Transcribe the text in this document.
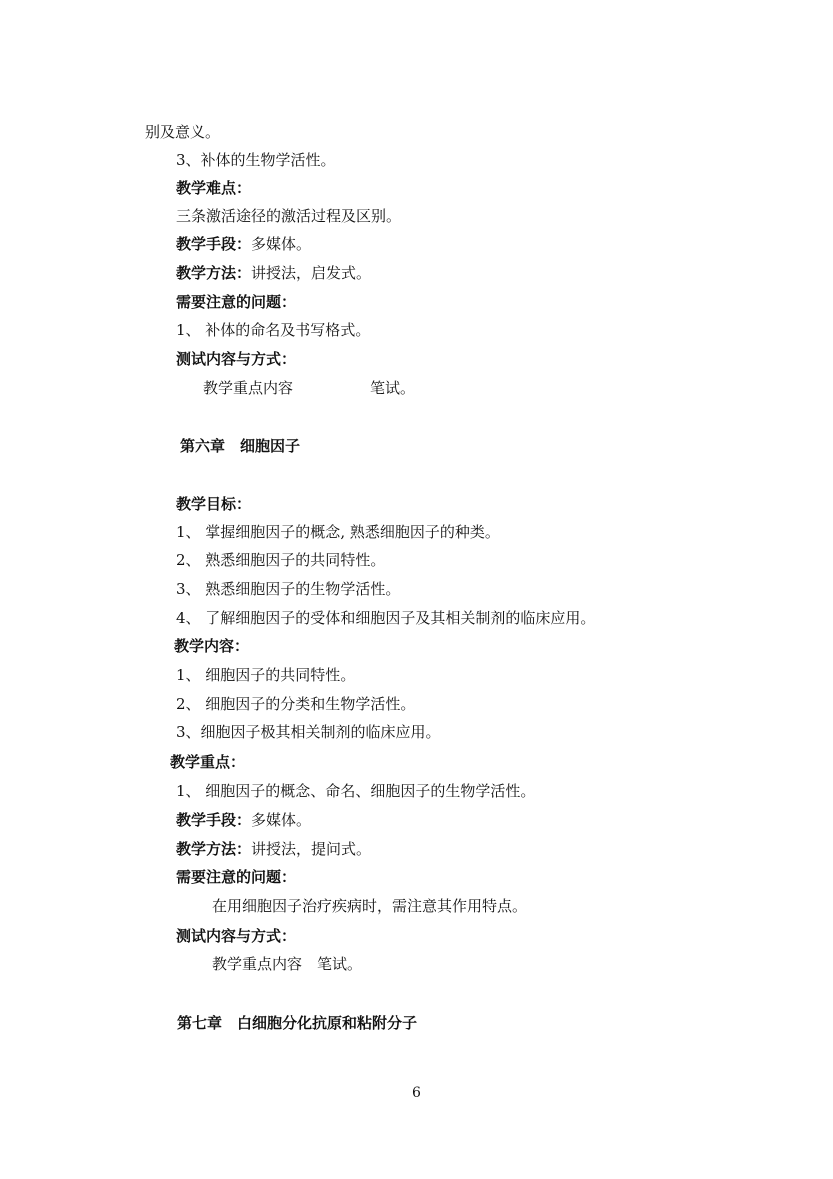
别及意义。
3、补体的生物学活性。
教学难点：
三条激活途径的激活过程及区别。
教学手段：多媒体。
教学方法：讲授法，启发式。
需要注意的问题：
1、 补体的命名及书写格式。
测试内容与方式：
教学重点内容	笔试。
第六章　细胞因子
教学目标：
1、 掌握细胞因子的概念, 熟悉细胞因子的种类。
2、 熟悉细胞因子的共同特性。
3、 熟悉细胞因子的生物学活性。
4、 了解细胞因子的受体和细胞因子及其相关制剂的临床应用。
教学内容：
1、 细胞因子的共同特性。
2、 细胞因子的分类和生物学活性。
3、细胞因子极其相关制剂的临床应用。
教学重点：
1、 细胞因子的概念、命名、细胞因子的生物学活性。
教学手段：多媒体。
教学方法：讲授法，提问式。
需要注意的问题：
在用细胞因子治疗疾病时，需注意其作用特点。
测试内容与方式：
教学重点内容　笔试。
第七章　白细胞分化抗原和粘附分子
6
